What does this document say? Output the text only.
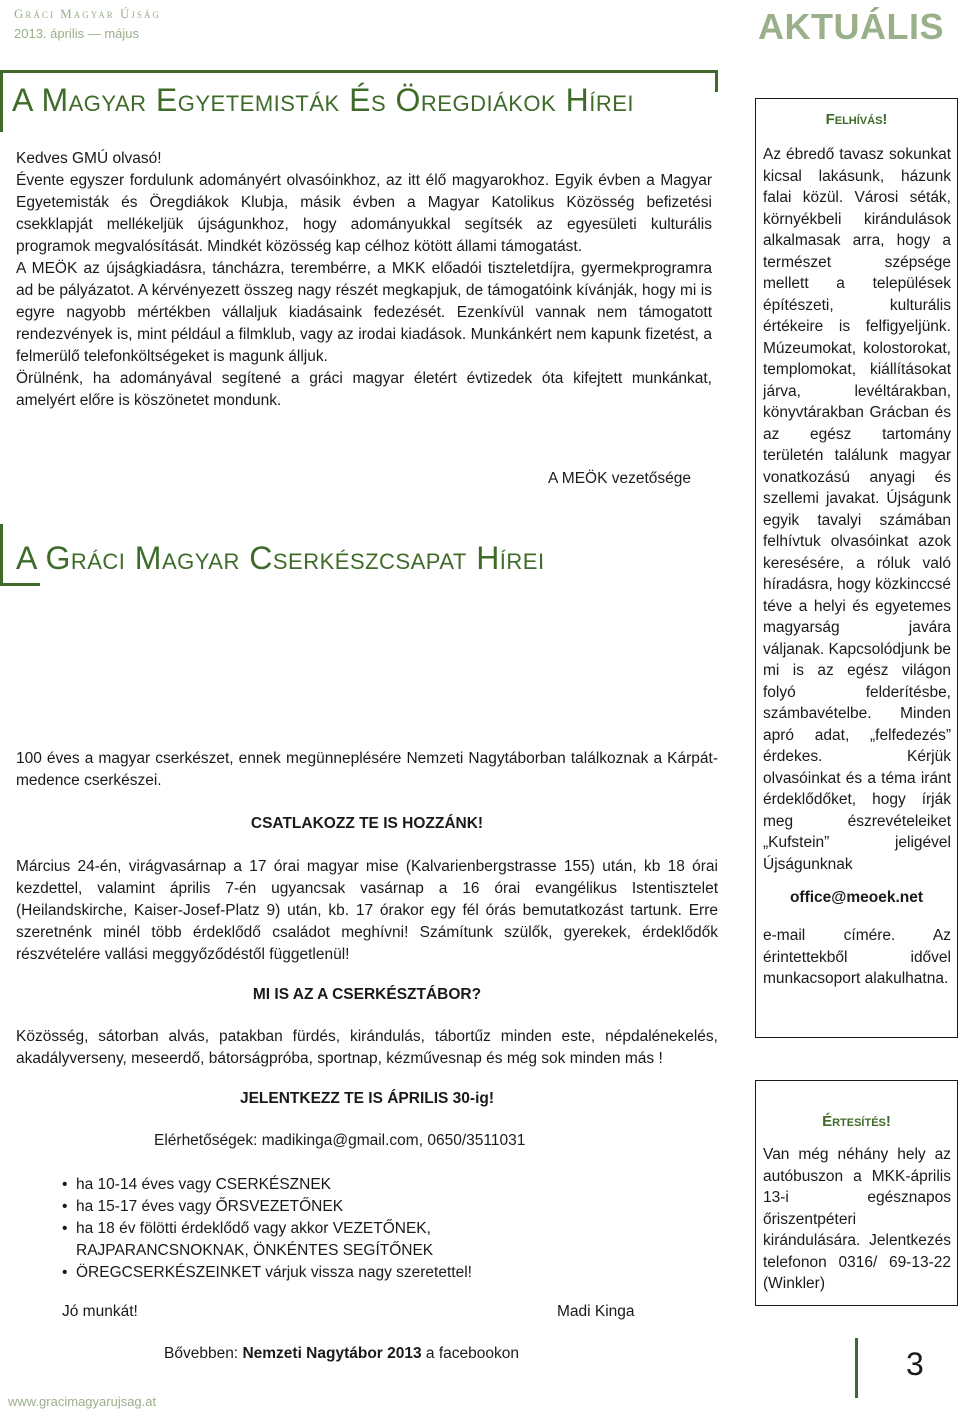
Gráci Magyar Újság
2013. április — május	AKTUÁLIS
A Magyar Egyetemisták És Öregdiákok Hírei

Kedves GMÚ olvasó!

Évente egyszer fordulunk adományért olvasóinkhoz, az itt élő magyarokhoz. Egyik évben a Magyar Egyetemisták és Öregdiákok Klubja, másik évben a Magyar Katolikus Közösség befizetési csekklapját mellékeljük újságunkhoz, hogy adományukkal segítsék az egyesületi kulturális programok megvalósítását. Mindkét közösség kap célhoz kötött állami támogatást.

A MEÖK az újságkiadásra, táncházra, terembérre, a MKK előadói tiszteletdíjra, gyermekprogramra ad be pályázatot. A kérvényezett összeg nagy részét megkapjuk, de támogatóink kívánják, hogy mi is egyre nagyobb mértékben vállaljuk kiadásaink fedezését. Ezenkívül vannak nem támogatott rendezvények is, mint például a filmklub, vagy az irodai kiadások. Munkánkért nem kapunk fizetést, a felmerülő telefonköltségeket is magunk álljuk.

Örülnénk, ha adományával segítené a gráci magyar életért évtizedek óta kifejtett munkánkat, amelyért előre is köszönetet mondunk.

A MEÖK vezetősége
A Gráci Magyar Cserkészcsapat Hírei
100 éves a magyar cserkészet, ennek megünneplésére Nemzeti Nagytáborban találkoznak a Kárpát-medence cserkészei.
CSATLAKOZZ TE IS HOZZÁNK!
Március 24-én, virágvasárnap a 17 órai magyar mise (Kalvarienbergstrasse 155) után, kb 18 órai kezdettel, valamint április 7-én ugyancsak vasárnap a 16 órai evangélikus Istentisztelet (Heilandskirche, Kaiser-Josef-Platz 9) után, kb. 17 órakor egy fél órás bemutatkozást tartunk. Erre szeretnénk minél több érdeklődő családot meghívni! Számítunk szülők, gyerekek, érdeklődők részvételére vallási meggyőződéstől függetlenül!
MI IS AZ A CSERKÉSZTÁBOR?
Közösség, sátorban alvás, patakban fürdés, kirándulás, tábortűz minden este, népdalénekelés, akadályverseny, meseerdő, bátorságpróba, sportnap, kézművesnap és még sok minden más !
JELENTKEZZ TE IS ÁPRILIS 30-ig!
Elérhetőségek: madikinga@gmail.com, 0650/3511031
• ha 10-14 éves vagy CSERKÉSZNEK
• ha 15-17 éves vagy ŐRSVEZETŐNEK
• ha 18 év fölötti érdeklődő vagy akkor VEZETŐNEK, RAJPARANCSNOKNAK, ÖNKÉNTES SEGÍTŐNEK
• ÖREGCSERKÉSZEINKET várjuk vissza nagy szeretettel!
Jó munkát!	Madi Kinga
Bővebben: Nemzeti Nagytábor 2013 a facebookon
Felhívás!
Az ébredő tavasz sokunkat kicsal lakásunk, házunk falai közül. Városi séták, környékbeli kirándulások alkalmasak arra, hogy a természet szépsége mellett a települések építészeti, kulturális értékeire is felfigyeljünk. Múzeumokat, kolostorokat, templomokat, kiállításokat járva, levéltárakban, könyvtárakban Grácban és az egész tartomány területén találunk magyar vonatkozású anyagi és szellemi javakat. Újságunk egyik tavalyi számában felhívtuk olvasóinkat azok keresésére, a róluk való híradásra, hogy közkinccsé téve a helyi és egyetemes magyarság javára váljanak. Kapcsolódjunk be mi is az egész világon folyó felderítésbe, számbavételbe. Minden apró adat, „felfedezés” érdekes. Kérjük olvasóinkat és a téma iránt érdeklődőket, hogy írják meg észrevételeiket „Kufstein” jeligével Újságunknak
office@meoek.net
e-mail címére. Az érintettekből idővel munkacsoport alakulhatna.
Értesítés!
Van még néhány hely az autóbuszon a MKK-április 13-i egésznapos őriszentpéteri kirándulására. Jelentkezés telefonon 0316/ 69-13-22 (Winkler)
3
www.gracimagyarujsag.at
